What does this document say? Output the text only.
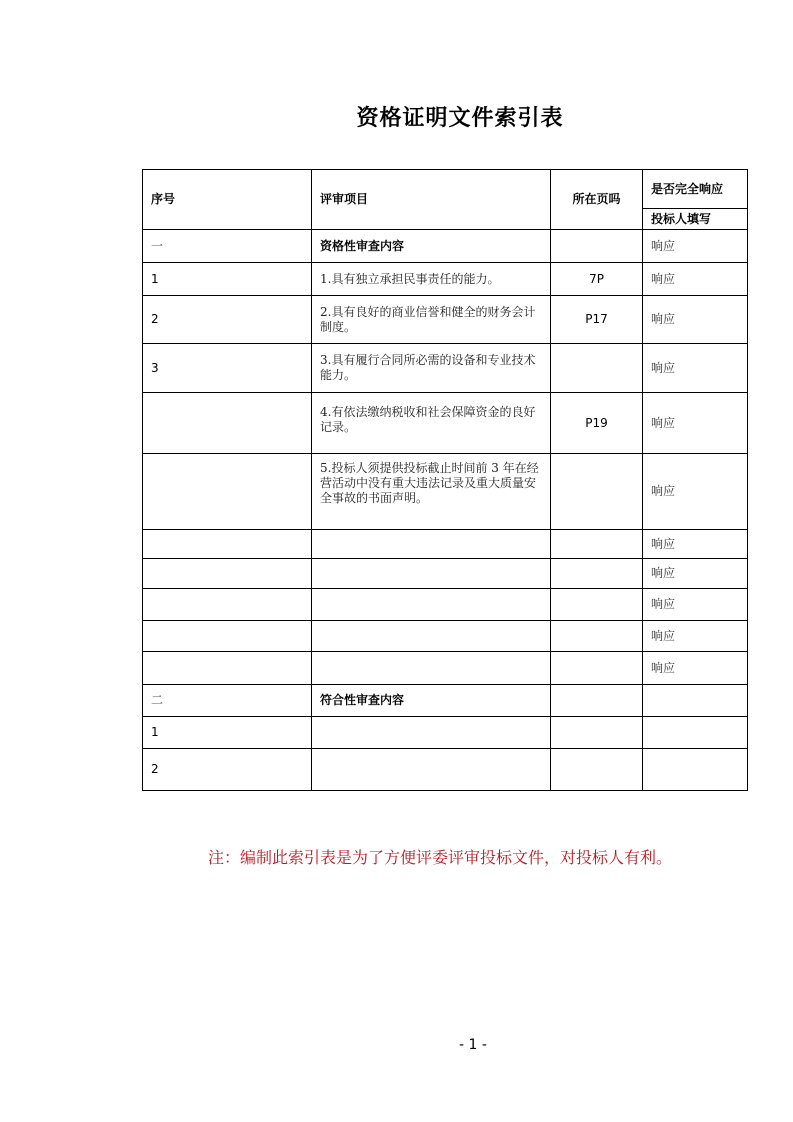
资格证明文件索引表
序号	评审项目	所在页吗	是否完全响应
			投标人填写
一	资格性审查内容		响应
1	1.具有独立承担民事责任的能力。	7P	响应
2	2.具有良好的商业信誉和健全的财务会计制度。	P17	响应
3	3.具有履行合同所必需的设备和专业技术能力。		响应
	4.有依法缴纳税收和社会保障资金的良好记录。	P19	响应
	5.投标人须提供投标截止时间前 3 年在经营活动中没有重大违法记录及重大质量安全事故的书面声明。		响应
			响应
			响应
			响应
			响应
			响应
二	符合性审查内容		
1			
2			
注：编制此索引表是为了方便评委评审投标文件，对投标人有利。
- 1 -
